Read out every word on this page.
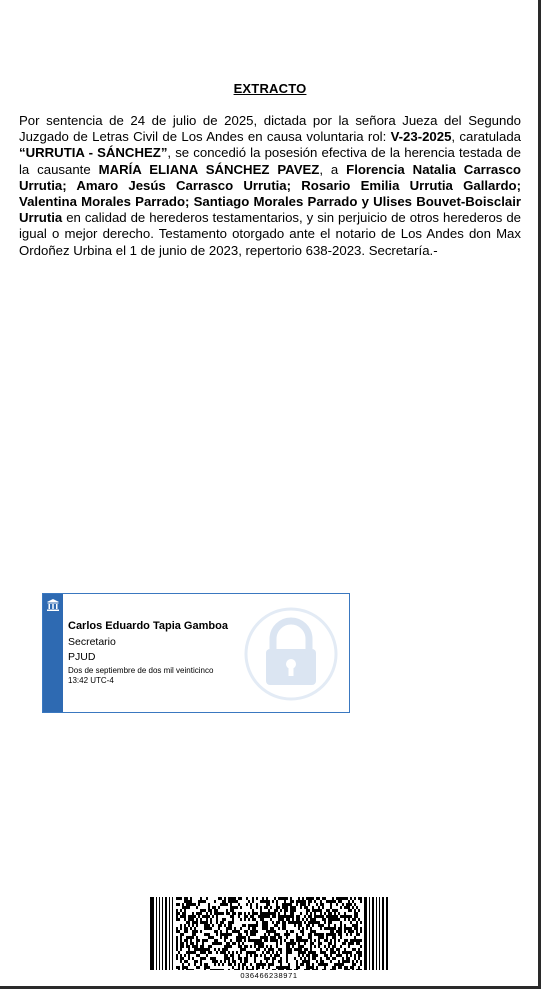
EXTRACTO
Por sentencia de 24 de julio de 2025, dictada por la señora Jueza del Segundo Juzgado de Letras Civil de Los Andes en causa voluntaria rol: V-23-2025, caratulada “URRUTIA - SÁNCHEZ”, se concedió la posesión efectiva de la herencia testada de la causante MARÍA ELIANA SÁNCHEZ PAVEZ, a Florencia Natalia Carrasco Urrutia; Amaro Jesús Carrasco Urrutia; Rosario Emilia Urrutia Gallardo; Valentina Morales Parrado; Santiago Morales Parrado y Ulises Bouvet-Boisclair Urrutia en calidad de herederos testamentarios, y sin perjuicio de otros herederos de igual o mejor derecho. Testamento otorgado ante el notario de Los Andes don Max Ordoñez Urbina el 1 de junio de 2023, repertorio 638-2023. Secretaría.-
Carlos Eduardo Tapia Gamboa
Secretario
PJUD
Dos de septiembre de dos mil veinticinco
13:42 UTC-4
036466238971
